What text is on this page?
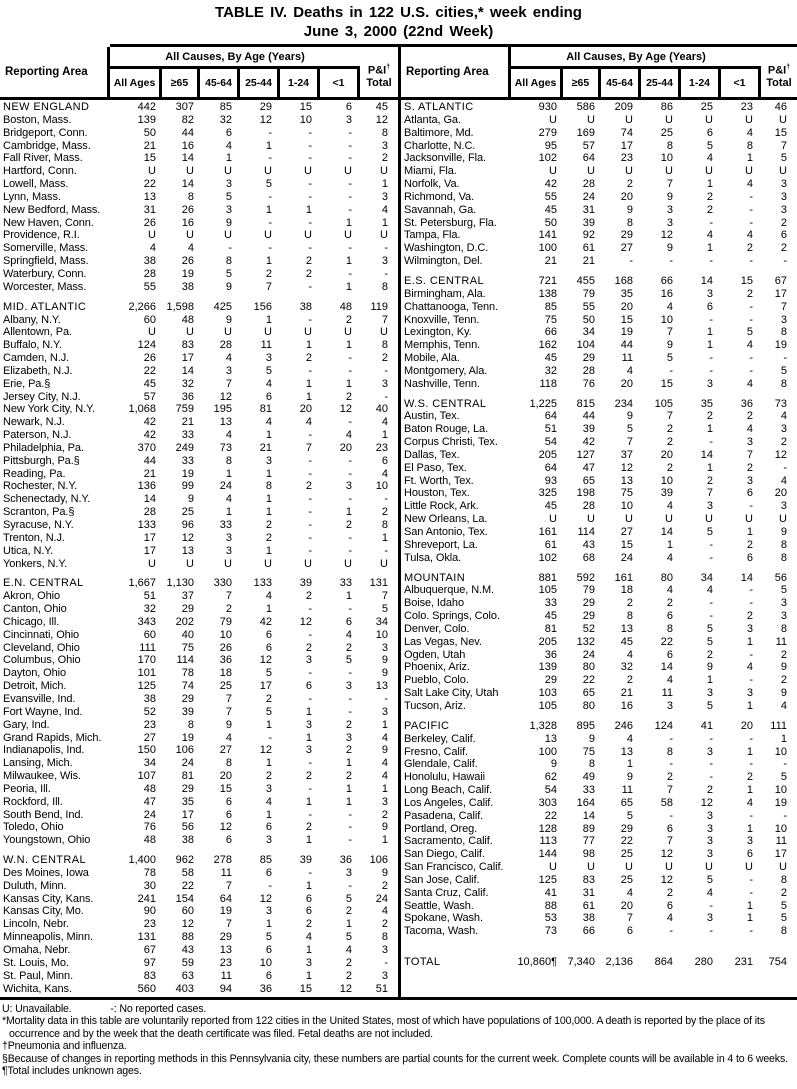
TABLE IV. Deaths in 122 U.S. cities,* week ending
June 3, 2000 (22nd Week)
Reporting Area
All Causes, By Age (Years)
All Ages	≥65	45-64	25-44	1-24	<1
P&I†
Total
Reporting Area
All Causes, By Age (Years)
All Ages	≥65	45-64	25-44	1-24	<1
P&I†
Total
NEW ENGLAND	442	307	85	29	15	6	45
Boston, Mass.	139	82	32	12	10	3	12
Bridgeport, Conn.	50	44	6	-	-	-	8
Cambridge, Mass.	21	16	4	1	-	-	3
Fall River, Mass.	15	14	1	-	-	-	2
Hartford, Conn.	U	U	U	U	U	U	U
Lowell, Mass.	22	14	3	5	-	-	1
Lynn, Mass.	13	8	5	-	-	-	3
New Bedford, Mass.	31	26	3	1	1	-	4
New Haven, Conn.	26	16	9	-	-	1	1
Providence, R.I.	U	U	U	U	U	U	U
Somerville, Mass.	4	4	-	-	-	-	-
Springfield, Mass.	38	26	8	1	2	1	3
Waterbury, Conn.	28	19	5	2	2	-	-
Worcester, Mass.	55	38	9	7	-	1	8
MID. ATLANTIC	2,266 1,598	425	156	38	48	119
Albany, N.Y.	60	48	9	1	-	2	7
Allentown, Pa.	U	U	U	U	U	U	U
Buffalo, N.Y.	124	83	28	11	1	1	8
Camden, N.J.	26	17	4	3	2	-	2
Elizabeth, N.J.	22	14	3	5	-	-	-
Erie, Pa.§	45	32	7	4	1	1	3
Jersey City, N.J.	57	36	12	6	1	2	-
New York City, N.Y.	1,068	759	195	81	20	12	40
Newark, N.J.	42	21	13	4	4	-	4
Paterson, N.J.	42	33	4	1	-	4	1
Philadelphia, Pa.	370	249	73	21	7	20	23
Pittsburgh, Pa.§	44	33	8	3	-	-	6
Reading, Pa.	21	19	1	1	-	-	4
Rochester, N.Y.	136	99	24	8	2	3	10
Schenectady, N.Y.	14	9	4	1	-	-	-
Scranton, Pa.§	28	25	1	1	-	1	2
Syracuse, N.Y.	133	96	33	2	-	2	8
Trenton, N.J.	17	12	3	2	-	-	1
Utica, N.Y.	17	13	3	1	-	-	-
Yonkers, N.Y.	U	U	U	U	U	U	U
E.N. CENTRAL	1,667 1,130	330	133	39	33	131
Akron, Ohio	51	37	7	4	2	1	7
Canton, Ohio	32	29	2	1	-	-	5
Chicago, Ill.	343	202	79	42	12	6	34
Cincinnati, Ohio	60	40	10	6	-	4	10
Cleveland, Ohio	111	75	26	6	2	2	3
Columbus, Ohio	170	114	36	12	3	5	9
Dayton, Ohio	101	78	18	5	-	-	9
Detroit, Mich.	125	74	25	17	6	3	13
Evansville, Ind.	38	29	7	2	-	-	-
Fort Wayne, Ind.	52	39	7	5	1	-	3
Gary, Ind.	23	8	9	1	3	2	1
Grand Rapids, Mich.	27	19	4	-	1	3	4
Indianapolis, Ind.	150	106	27	12	3	2	9
Lansing, Mich.	34	24	8	1	-	1	4
Milwaukee, Wis.	107	81	20	2	2	2	4
Peoria, Ill.	48	29	15	3	-	1	1
Rockford, Ill.	47	35	6	4	1	1	3
South Bend, Ind.	24	17	6	1	-	-	2
Toledo, Ohio	76	56	12	6	2	-	9
Youngstown, Ohio	48	38	6	3	1	-	1
W.N. CENTRAL	1,400	962	278	85	39	36	106
Des Moines, Iowa	78	58	11	6	-	3	9
Duluth, Minn.	30	22	7	-	1	-	2
Kansas City, Kans.	241	154	64	12	6	5	24
Kansas City, Mo.	90	60	19	3	6	2	4
Lincoln, Nebr.	23	12	7	1	2	1	2
Minneapolis, Minn.	131	88	29	5	4	5	8
Omaha, Nebr.	67	43	13	6	1	4	3
St. Louis, Mo.	97	59	23	10	3	2	-
St. Paul, Minn.	83	63	11	6	1	2	3
Wichita, Kans.	560	403	94	36	15	12	51
S. ATLANTIC	930	586	209	86	25	23	46
Atlanta, Ga.	U	U	U	U	U	U	U
Baltimore, Md.	279	169	74	25	6	4	15
Charlotte, N.C.	95	57	17	8	5	8	7
Jacksonville, Fla.	102	64	23	10	4	1	5
Miami, Fla.	U	U	U	U	U	U	U
Norfolk, Va.	42	28	2	7	1	4	3
Richmond, Va.	55	24	20	9	2	-	3
Savannah, Ga.	45	31	9	3	2	-	3
St. Petersburg, Fla.	50	39	8	3	-	-	2
Tampa, Fla.	141	92	29	12	4	4	6
Washington, D.C.	100	61	27	9	1	2	2
Wilmington, Del.	21	21	-	-	-	-	-
E.S. CENTRAL	721	455	168	66	14	15	67
Birmingham, Ala.	138	79	35	16	3	2	17
Chattanooga, Tenn.	85	55	20	4	6	-	7
Knoxville, Tenn.	75	50	15	10	-	-	3
Lexington, Ky.	66	34	19	7	1	5	8
Memphis, Tenn.	162	104	44	9	1	4	19
Mobile, Ala.	45	29	11	5	-	-	-
Montgomery, Ala.	32	28	4	-	-	-	5
Nashville, Tenn.	118	76	20	15	3	4	8
W.S. CENTRAL	1,225	815	234	105	35	36	73
Austin, Tex.	64	44	9	7	2	2	4
Baton Rouge, La.	51	39	5	2	1	4	3
Corpus Christi, Tex.	54	42	7	2	-	3	2
Dallas, Tex.	205	127	37	20	14	7	12
El Paso, Tex.	64	47	12	2	1	2	-
Ft. Worth, Tex.	93	65	13	10	2	3	4
Houston, Tex.	325	198	75	39	7	6	20
Little Rock, Ark.	45	28	10	4	3	-	3
New Orleans, La.	U	U	U	U	U	U	U
San Antonio, Tex.	161	114	27	14	5	1	9
Shreveport, La.	61	43	15	1	-	2	8
Tulsa, Okla.	102	68	24	4	-	6	8
MOUNTAIN	881	592	161	80	34	14	56
Albuquerque, N.M.	105	79	18	4	4	-	5
Boise, Idaho	33	29	2	2	-	-	3
Colo. Springs, Colo.	45	29	8	6	-	2	3
Denver, Colo.	81	52	13	8	5	3	8
Las Vegas, Nev.	205	132	45	22	5	1	11
Ogden, Utah	36	24	4	6	2	-	2
Phoenix, Ariz.	139	80	32	14	9	4	9
Pueblo, Colo.	29	22	2	4	1	-	2
Salt Lake City, Utah	103	65	21	11	3	3	9
Tucson, Ariz.	105	80	16	3	5	1	4
PACIFIC	1,328	895	246	124	41	20	111
Berkeley, Calif.	13	9	4	-	-	-	1
Fresno, Calif.	100	75	13	8	3	1	10
Glendale, Calif.	9	8	1	-	-	-	-
Honolulu, Hawaii	62	49	9	2	-	2	5
Long Beach, Calif.	54	33	11	7	2	1	10
Los Angeles, Calif.	303	164	65	58	12	4	19
Pasadena, Calif.	22	14	5	-	3	-	-
Portland, Oreg.	128	89	29	6	3	1	10
Sacramento, Calif.	113	77	22	7	3	3	11
San Diego, Calif.	144	98	25	12	3	6	17
San Francisco, Calif.	U	U	U	U	U	U	U
San Jose, Calif.	125	83	25	12	5	-	8
Santa Cruz, Calif.	41	31	4	2	4	-	2
Seattle, Wash.	88	61	20	6	-	1	5
Spokane, Wash.	53	38	7	4	3	1	5
Tacoma, Wash.	73	66	6	-	-	-	8
TOTAL	10,860¶ 7,340 2,136	864	280	231	754
U: Unavailable.	-: No reported cases.
*Mortality data in this table are voluntarily reported from 122 cities in the United States, most of which have populations of 100,000. A death is reported by the place of its occurrence and by the week that the death certificate was filed. Fetal deaths are not included.
†Pneumonia and influenza.
§Because of changes in reporting methods in this Pennsylvania city, these numbers are partial counts for the current week. Complete counts will be available in 4 to 6 weeks.
¶Total includes unknown ages.
